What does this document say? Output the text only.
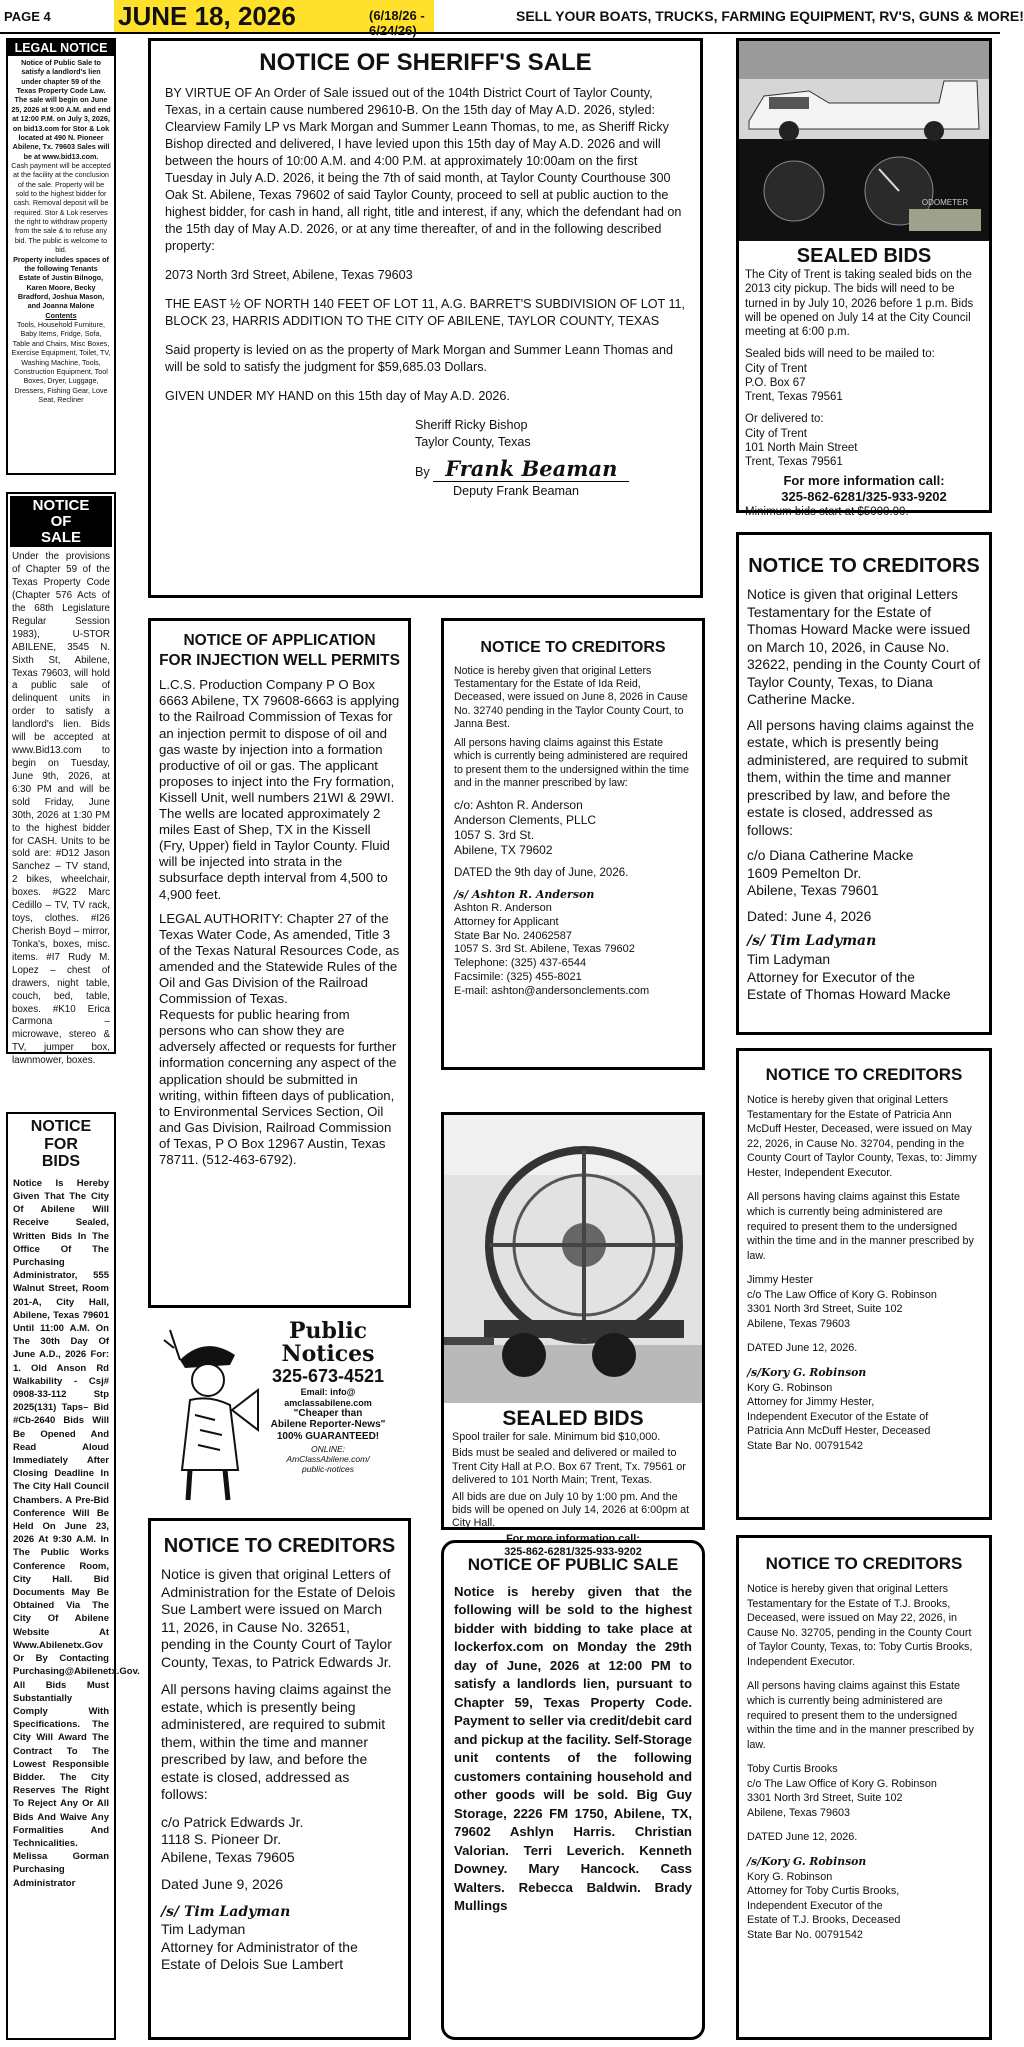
PAGE 4	JUNE 18, 2026	(6/18/26 - 6/24/26)
SELL YOUR BOATS, TRUCKS, FARMING EQUIPMENT, RV'S, GUNS & MORE!
LEGAL NOTICE

Notice of Public Sale to satisfy a landlord's lien under chapter 59 of the Texas Property Code Law. The sale will begin on June 25, 2026 at 9:00 A.M. and end at 12:00 P.M. on July 3, 2026, on bid13.com for Stor & Lok located at 490 N. Pioneer Abilene, Tx. 79603 Sales will be at www.bid13.com.

Cash payment will be accepted at the facility at the conclusion of the sale. Property will be sold to the highest bidder for cash. Removal deposit will be required. Stor & Lok reserves the right to withdraw property from the sale & to refuse any bid. The public is welcome to bid.

Property includes spaces of the following Tenants

Estate of Justin Bilnogo, Karen Moore, Becky Bradford, Joshua Mason, and Joanna Malone

Contents

Tools, Household Furniture, Baby Items, Fridge, Sofa, Table and Chairs, Misc Boxes, Exercise Equipment, Toilet, TV, Washing Machine, Tools, Construction Equipment, Tool Boxes, Dryer, Luggage, Dressers, Fishing Gear, Love Seat, Recliner

NOTICE OF SALE

Under the provisions of Chapter 59 of the Texas Property Code (Chapter 576 Acts of the 68th Legislature Regular Session 1983), U-STOR ABILENE, 3545 N. Sixth St, Abilene, Texas 79603, will hold a public sale of delinquent units in order to satisfy a landlord's lien. Bids will be accepted at www.Bid13.com to begin on Tuesday, June 9th, 2026, at 6:30 PM and will be sold Friday, June 30th, 2026 at 1:30 PM to the highest bidder for CASH. Units to be sold are: #D12 Jason Sanchez – TV stand, 2 bikes, wheelchair, boxes. #G22 Marc Cedillo – TV, TV rack, toys, clothes. #I26 Cherish Boyd – mirror, Tonka's, boxes, misc. items. #I7 Rudy M. Lopez – chest of drawers, night table, couch, bed, table, boxes. #K10 Erica Carmona – microwave, stereo & TV, jumper box, lawnmower, boxes.

NOTICE FOR BIDS

Notice Is Hereby Given That The City Of Abilene Will Receive Sealed, Written Bids In The Office Of The Purchasing Administrator, 555 Walnut Street, Room 201-A, City Hall, Abilene, Texas 79601 Until 11:00 A.M. On The 30th Day Of June A.D., 2026 For: 1. Old Anson Rd Walkability - Csj# 0908-33-112 Stp 2025(131) Taps– Bid #Cb-2640 Bids Will Be Opened And Read Aloud Immediately After Closing Deadline In The City Hall Council Chambers. A Pre-Bid Conference Will Be Held On June 23, 2026 At 9:30 A.M. In The Public Works Conference Room, City Hall. Bid Documents May Be Obtained Via The City Of Abilene Website At Www.Abilenetx.Gov Or By Contacting Purchasing@Abilenetx.Gov. All Bids Must Substantially Comply With Specifications. The City Will Award The Contract To The Lowest Responsible Bidder. The City Reserves The Right To Reject Any Or All Bids And Waive Any Formalities And Technicalities. Melissa Gorman Purchasing Administrator

NOTICE OF SHERIFF'S SALE

BY VIRTUE OF An Order of Sale issued out of the 104th District Court of Taylor County, Texas, in a certain cause numbered 29610-B. On the 15th day of May A.D. 2026, styled: Clearview Family LP vs Mark Morgan and Summer Leann Thomas, to me, as Sheriff Ricky Bishop directed and delivered, I have levied upon this 15th day of May A.D. 2026 and will between the hours of 10:00 A.M. and 4:00 P.M. at approximately 10:00am on the first Tuesday in July A.D. 2026, it being the 7th of said month, at Taylor County Courthouse 300 Oak St. Abilene, Texas 79602 of said Taylor County, proceed to sell at public auction to the highest bidder, for cash in hand, all right, title and interest, if any, which the defendant had on the 15th day of May A.D. 2026, or at any time thereafter, of and in the following described property:

2073 North 3rd Street, Abilene, Texas 79603

THE EAST ½ OF NORTH 140 FEET OF LOT 11, A.G. BARRET'S SUBDIVISION OF LOT 11, BLOCK 23, HARRIS ADDITION TO THE CITY OF ABILENE, TAYLOR COUNTY, TEXAS

Said property is levied on as the property of Mark Morgan and Summer Leann Thomas and will be sold to satisfy the judgment for $59,685.03 Dollars.

GIVEN UNDER MY HAND on this 15th day of May A.D. 2026.

Sheriff Ricky Bishop

Taylor County, Texas

By Frank Beaman

Deputy Frank Beaman

ODOMETER
SEALED BIDS

The City of Trent is taking sealed bids on the 2013 city pickup. The bids will need to be turned in by July 10, 2026 before 1 p.m. Bids will be opened on July 14 at the City Council meeting at 6:00 p.m.

Sealed bids will need to be mailed to:
City of Trent
P.O. Box 67
Trent, Texas 79561

Or delivered to:
City of Trent
101 North Main Street
Trent, Texas 79561

For more information call:
325-862-6281/325-933-9202

Minimum bids start at $5000.00.

NOTICE OF APPLICATION
FOR INJECTION WELL PERMITS

L.C.S. Production Company P O Box 6663 Abilene, TX 79608-6663 is applying to the Railroad Commission of Texas for an injection permit to dispose of oil and gas waste by injection into a formation productive of oil or gas. The applicant proposes to inject into the Fry formation, Kissell Unit, well numbers 21WI & 29WI. The wells are located approximately 2 miles East of Shep, TX in the Kissell (Fry, Upper) field in Taylor County. Fluid will be injected into strata in the subsurface depth interval from 4,500 to 4,900 feet.

LEGAL AUTHORITY: Chapter 27 of the Texas Water Code, As amended, Title 3 of the Texas Natural Resources Code, as amended and the Statewide Rules of the Oil and Gas Division of the Railroad Commission of Texas.

Requests for public hearing from persons who can show they are adversely affected or requests for further information concerning any aspect of the application should be submitted in writing, within fifteen days of publication, to Environmental Services Section, Oil and Gas Division, Railroad Commission of Texas, P O Box 12967 Austin, Texas 78711. (512-463-6792).

NOTICE TO CREDITORS

Notice is hereby given that original Letters Testamentary for the Estate of Ida Reid, Deceased, were issued on June 8, 2026 in Cause No. 32740 pending in the Taylor County Court, to Janna Best.

All persons having claims against this Estate which is currently being administered are required to present them to the undersigned within the time and in the manner prescribed by law:

c/o: Ashton R. Anderson
Anderson Clements, PLLC
1057 S. 3rd St.
Abilene, TX 79602

DATED the 9th day of June, 2026.

/s/ Ashton R. Anderson

Ashton R. Anderson
Attorney for Applicant
State Bar No. 24062587
1057 S. 3rd St. Abilene, Texas 79602
Telephone: (325) 437-6544
Facsimile: (325) 455-8021
E-mail: ashton@andersonclements.com

NOTICE TO CREDITORS

Notice is given that original Letters Testamentary for the Estate of Thomas Howard Macke were issued on March 10, 2026, in Cause No. 32622, pending in the County Court of Taylor County, Texas, to Diana Catherine Macke.

All persons having claims against the estate, which is presently being administered, are required to submit them, within the time and manner prescribed by law, and before the estate is closed, addressed as follows:

c/o Diana Catherine Macke
1609 Pemelton Dr.
Abilene, Texas 79601

Dated: June 4, 2026

/s/ Tim Ladyman

Tim Ladyman
Attorney for Executor of the
Estate of Thomas Howard Macke

NOTICE TO CREDITORS

Notice is hereby given that original Letters Testamentary for the Estate of Patricia Ann McDuff Hester, Deceased, were issued on May 22, 2026, in Cause No. 32704, pending in the County Court of Taylor County, Texas, to: Jimmy Hester, Independent Executor.

All persons having claims against this Estate which is currently being administered are required to present them to the undersigned within the time and in the manner prescribed by law.

Jimmy Hester
c/o The Law Office of Kory G. Robinson
3301 North 3rd Street, Suite 102
Abilene, Texas 79603

DATED June 12, 2026.

/s/Kory G. Robinson

Kory G. Robinson
Attorney for Jimmy Hester,
Independent Executor of the Estate of
Patricia Ann McDuff Hester, Deceased
State Bar No. 00791542

SEALED BIDS

Spool trailer for sale. Minimum bid $10,000.

Bids must be sealed and delivered or mailed to Trent City Hall at P.O. Box 67 Trent, Tx. 79561 or delivered to 101 North Main; Trent, Texas.

All bids are due on July 10 by 1:00 pm. And the bids will be opened on July 14, 2026 at 6:00pm at City Hall.

For more information call:
325-862-6281/325-933-9202

Public

Notices

325-673-4521

Email: info@
amclassabilene.com

"Cheaper than
Abilene Reporter-News"

100% GUARANTEED!

ONLINE:
AmClassAbilene.com/
public-notices

NOTICE TO CREDITORS

Notice is given that original Letters of Administration for the Estate of Delois Sue Lambert were issued on March 11, 2026, in Cause No. 32651, pending in the County Court of Taylor County, Texas, to Patrick Edwards Jr.

All persons having claims against the estate, which is presently being administered, are required to submit them, within the time and manner prescribed by law, and before the estate is closed, addressed as follows:

c/o Patrick Edwards Jr.
1118 S. Pioneer Dr.
Abilene, Texas 79605

Dated June 9, 2026

/s/ Tim Ladyman

Tim Ladyman
Attorney for Administrator of the
Estate of Delois Sue Lambert

NOTICE OF PUBLIC SALE

Notice is hereby given that the following will be sold to the highest bidder with bidding to take place at lockerfox.com on Monday the 29th day of June, 2026 at 12:00 PM to satisfy a landlords lien, pursuant to Chapter 59, Texas Property Code. Payment to seller via credit/debit card and pickup at the facility. Self-Storage unit contents of the following customers containing household and other goods will be sold. Big Guy Storage, 2226 FM 1750, Abilene, TX, 79602 Ashlyn Harris. Christian Valorian. Terri Leverich. Kenneth Downey. Mary Hancock. Cass Walters. Rebecca Baldwin. Brady Mullings

NOTICE TO CREDITORS

Notice is hereby given that original Letters Testamentary for the Estate of T.J. Brooks, Deceased, were issued on May 22, 2026, in Cause No. 32705, pending in the County Court of Taylor County, Texas, to: Toby Curtis Brooks, Independent Executor.

All persons having claims against this Estate which is currently being administered are required to present them to the undersigned within the time and in the manner prescribed by law.

Toby Curtis Brooks
c/o The Law Office of Kory G. Robinson
3301 North 3rd Street, Suite 102
Abilene, Texas 79603

DATED June 12, 2026.

/s/Kory G. Robinson

Kory G. Robinson
Attorney for Toby Curtis Brooks,
Independent Executor of the
Estate of T.J. Brooks, Deceased
State Bar No. 00791542
